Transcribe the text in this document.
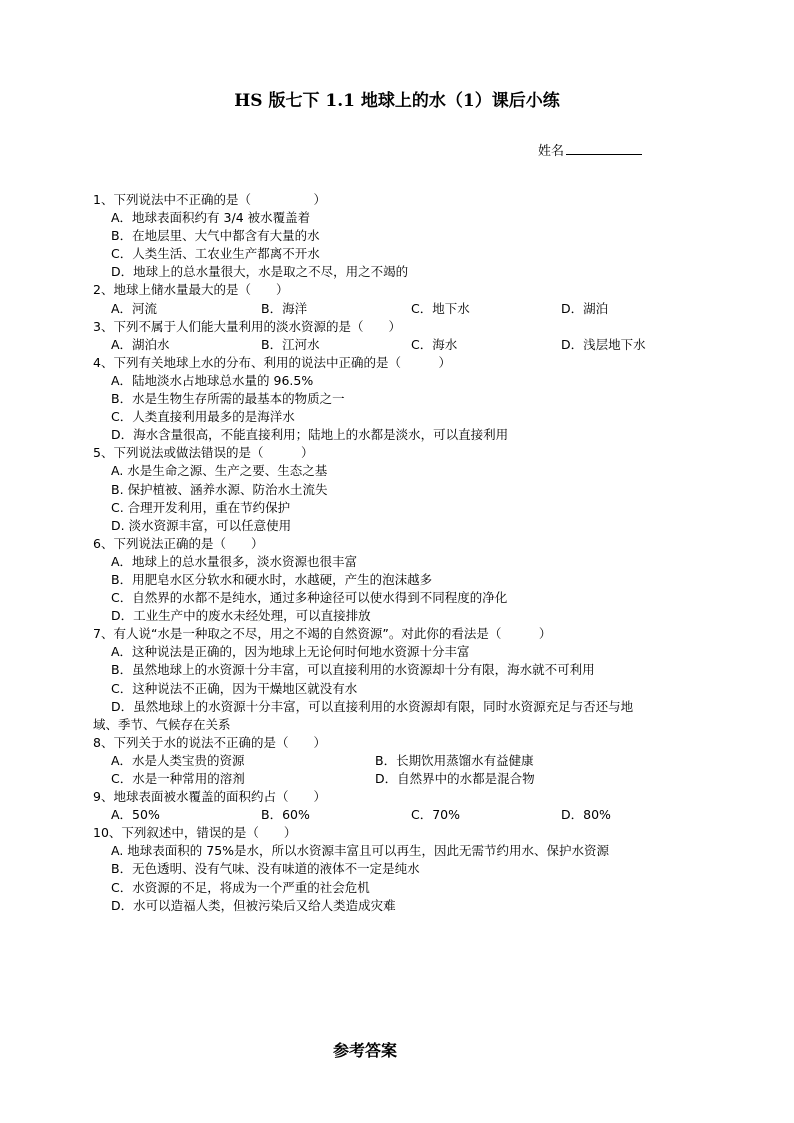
HS 版七下 1.1 地球上的水（1）课后小练
姓名
1、下列说法中不正确的是（　　　　　）
A．地球表面积约有 3/4 被水覆盖着
B．在地层里、大气中都含有大量的水
C．人类生活、工农业生产都离不开水
D．地球上的总水量很大，水是取之不尽，用之不竭的
2、地球上储水量最大的是（　　）
A．河流	B．海洋	C．地下水	D．湖泊
3、下列不属于人们能大量利用的淡水资源的是（　　）
A．湖泊水	B．江河水	C．海水	D．浅层地下水
4、下列有关地球上水的分布、利用的说法中正确的是（　　　）
A．陆地淡水占地球总水量的 96.5%
B．水是生物生存所需的最基本的物质之一
C．人类直接利用最多的是海洋水
D．海水含量很高，不能直接利用；陆地上的水都是淡水，可以直接利用
5、下列说法或做法错误的是（　　　）
A. 水是生命之源、生产之要、生态之基
B. 保护植被、涵养水源、防治水土流失
C. 合理开发利用，重在节约保护
D. 淡水资源丰富，可以任意使用
6、下列说法正确的是（　　）
A．地球上的总水量很多，淡水资源也很丰富
B．用肥皂水区分软水和硬水时，水越硬，产生的泡沫越多
C．自然界的水都不是纯水，通过多种途径可以使水得到不同程度的净化
D．工业生产中的废水未经处理，可以直接排放
7、有人说“水是一种取之不尽，用之不竭的自然资源”。对此你的看法是（　　　）
A．这种说法是正确的，因为地球上无论何时何地水资源十分丰富
B．虽然地球上的水资源十分丰富，可以直接利用的水资源却十分有限，海水就不可利用
C．这种说法不正确，因为干燥地区就没有水
D．虽然地球上的水资源十分丰富，可以直接利用的水资源却有限，同时水资源充足与否还与地
域、季节、气候存在关系
8、下列关于水的说法不正确的是（　　）
A．水是人类宝贵的资源	B．长期饮用蒸馏水有益健康
C．水是一种常用的溶剂	D．自然界中的水都是混合物
9、地球表面被水覆盖的面积约占（　　）
A．50%	B．60%	C．70%	D．80%
10、下列叙述中，错误的是（　　）
A. 地球表面积的 75%是水，所以水资源丰富且可以再生，因此无需节约用水、保护水资源
B．无色透明、没有气味、没有味道的液体不一定是纯水
C．水资源的不足，将成为一个严重的社会危机
D．水可以造福人类，但被污染后又给人类造成灾难
参考答案
